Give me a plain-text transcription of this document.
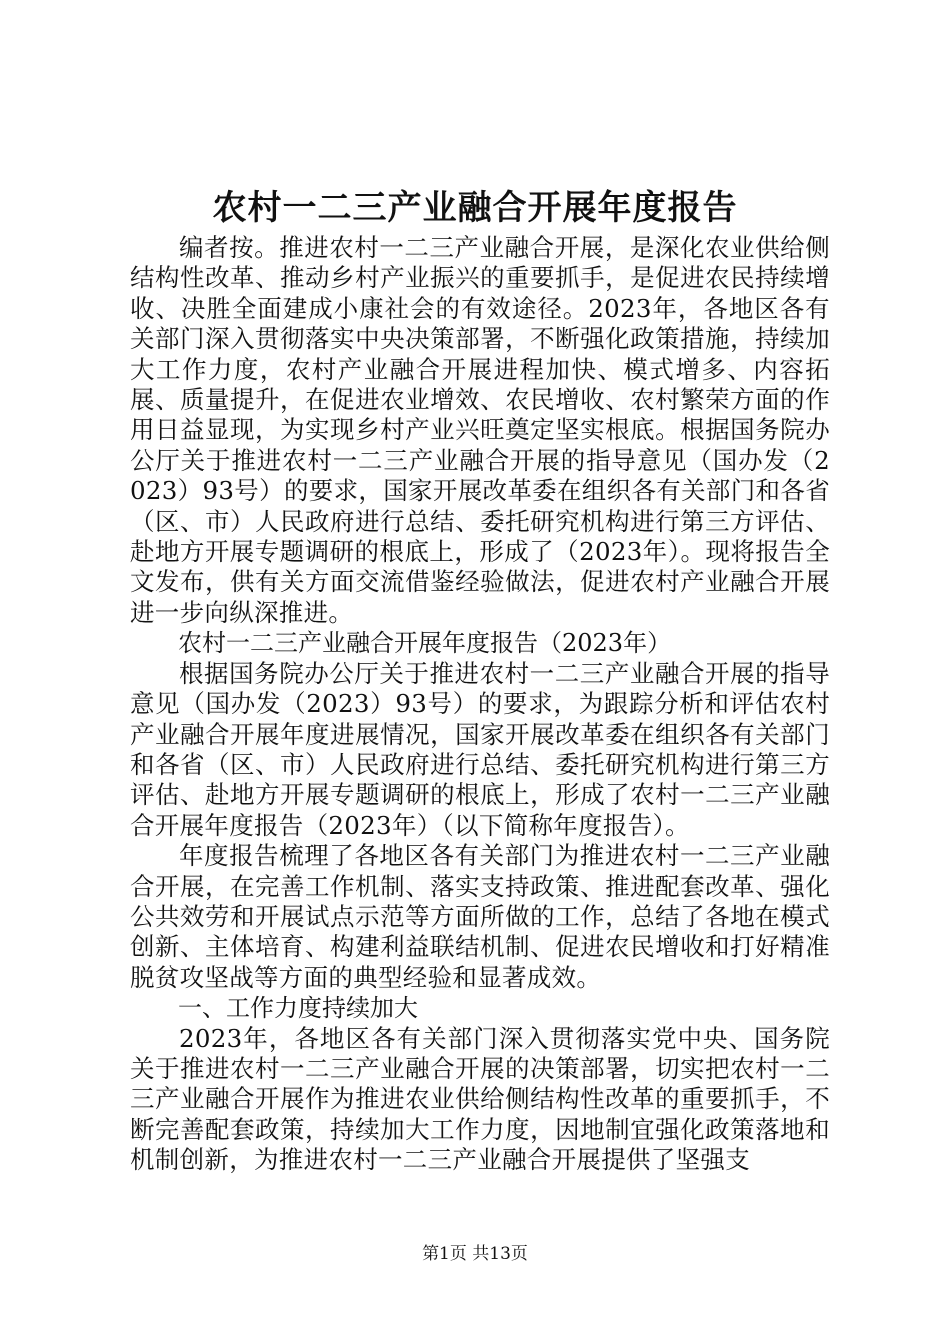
农村一二三产业融合开展年度报告

编者按。推进农村一二三产业融合开展，是深化农业供给侧结构性改革、推动乡村产业振兴的重要抓手，是促进农民持续增收、决胜全面建成小康社会的有效途径。2023年，各地区各有关部门深入贯彻落实中央决策部署，不断强化政策措施，持续加大工作力度，农村产业融合开展进程加快、模式增多、内容拓展、质量提升，在促进农业增效、农民增收、农村繁荣方面的作用日益显现，为实现乡村产业兴旺奠定坚实根底。根据国务院办公厅关于推进农村一二三产业融合开展的指导意见（国办发（2023）93号）的要求，国家开展改革委在组织各有关部门和各省（区、市）人民政府进行总结、委托研究机构进行第三方评估、赴地方开展专题调研的根底上，形成了（2023年）。现将报告全文发布，供有关方面交流借鉴经验做法，促进农村产业融合开展进一步向纵深推进。

农村一二三产业融合开展年度报告（2023年）

根据国务院办公厅关于推进农村一二三产业融合开展的指导意见（国办发（2023）93号）的要求，为跟踪分析和评估农村产业融合开展年度进展情况，国家开展改革委在组织各有关部门和各省（区、市）人民政府进行总结、委托研究机构进行第三方评估、赴地方开展专题调研的根底上，形成了农村一二三产业融合开展年度报告（2023年）（以下简称年度报告）。

年度报告梳理了各地区各有关部门为推进农村一二三产业融合开展，在完善工作机制、落实支持政策、推进配套改革、强化公共效劳和开展试点示范等方面所做的工作，总结了各地在模式创新、主体培育、构建利益联结机制、促进农民增收和打好精准脱贫攻坚战等方面的典型经验和显著成效。

一、工作力度持续加大

2023年，各地区各有关部门深入贯彻落实党中央、国务院关于推进农村一二三产业融合开展的决策部署，切实把农村一二三产业融合开展作为推进农业供给侧结构性改革的重要抓手，不断完善配套政策，持续加大工作力度，因地制宜强化政策落地和机制创新，为推进农村一二三产业融合开展提供了坚强支

第1页 共13页
